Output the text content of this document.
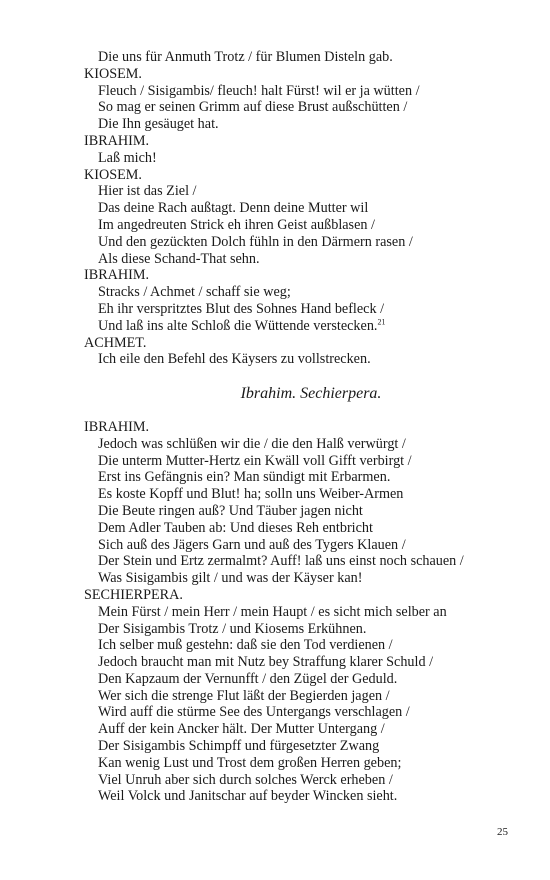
Die uns für Anmuth Trotz / für Blumen Disteln gab.
KIOSEM.
Fleuch / Sisigambis/ fleuch! halt Fürst! wil er ja wütten /
So mag er seinen Grimm auf diese Brust außschütten /
Die Ihn gesäuget hat.
IBRAHIM.
Laß mich!
KIOSEM.
Hier ist das Ziel /
Das deine Rach außtagt. Denn deine Mutter wil
Im angedreuten Strick eh ihren Geist außblasen /
Und den gezückten Dolch fühln in den Därmern rasen /
Als diese Schand-That sehn.
IBRAHIM.
Stracks / Achmet / schaff sie weg;
Eh ihr verspritztes Blut des Sohnes Hand befleck /
Und laß ins alte Schloß die Wüttende verstecken.$^{21}$
ACHMET.
Ich eile den Befehl des Käysers zu vollstrecken.
Ibrahim. Sechierpera.
IBRAHIM.
Jedoch was schlüßen wir die / die den Halß verwürgt /
Die unterm Mutter-Hertz ein Kwäll voll Gifft verbirgt /
Erst ins Gefängnis ein? Man sündigt mit Erbarmen.
Es koste Kopff und Blut! ha; solln uns Weiber-Armen
Die Beute ringen auß? Und Täuber jagen nicht
Dem Adler Tauben ab: Und dieses Reh entbricht
Sich auß des Jägers Garn und auß des Tygers Klauen /
Der Stein und Ertz zermalmt? Auff! laß uns einst noch schauen /
Was Sisigambis gilt / und was der Käyser kan!
SECHIERPERA.
Mein Fürst / mein Herr / mein Haupt / es sicht mich selber an
Der Sisigambis Trotz / und Kiosems Erkühnen.
Ich selber muß gestehn: daß sie den Tod verdienen /
Jedoch braucht man mit Nutz bey Straffung klarer Schuld /
Den Kapzaum der Vernunfft / den Zügel der Geduld.
Wer sich die strenge Flut läßt der Begierden jagen /
Wird auff die stürme See des Untergangs verschlagen /
Auff der kein Ancker hält. Der Mutter Untergang /
Der Sisigambis Schimpff und fürgesetzter Zwang
Kan wenig Lust und Trost dem großen Herren geben;
Viel Unruh aber sich durch solches Werck erheben /
Weil Volck und Janitschar auf beyder Wincken sieht.
25
